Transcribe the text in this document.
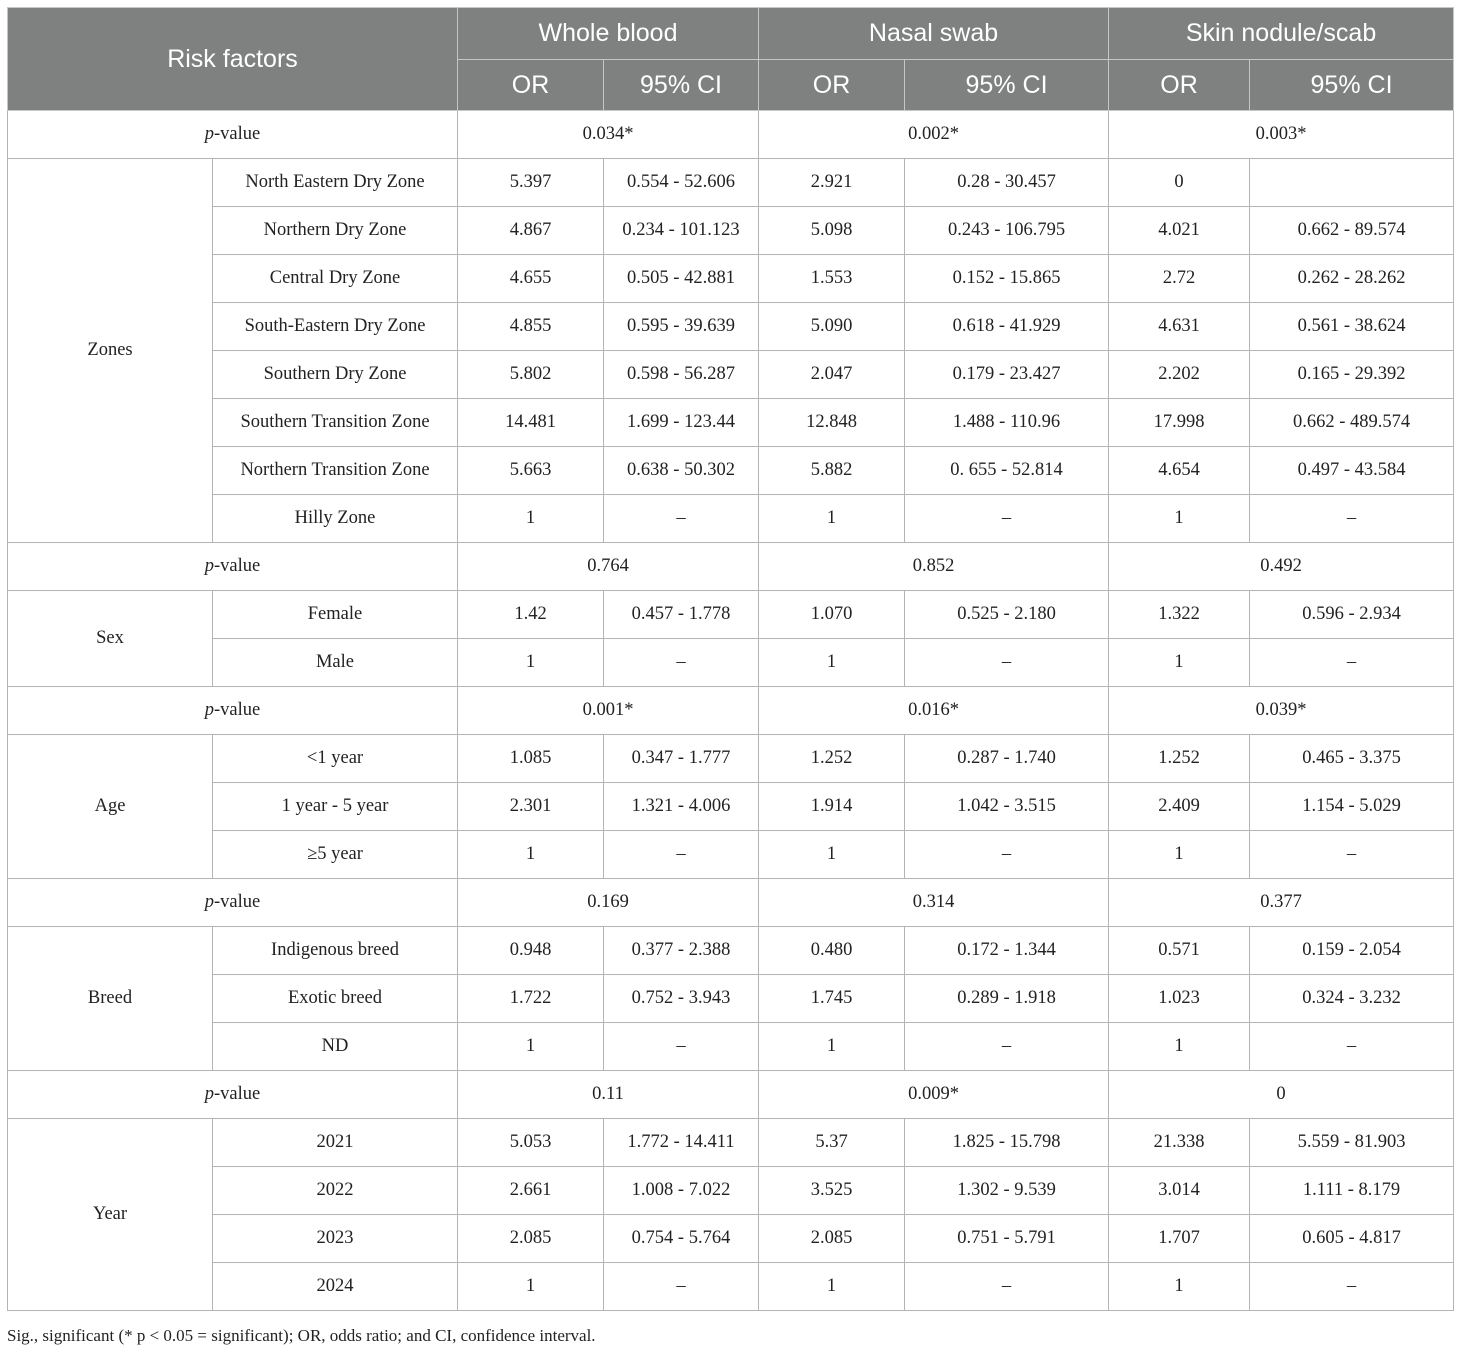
Risk factors		Whole blood		Nasal swab		Skin nodule/scab	
		OR	95% CI	OR	95% CI	OR	95% CI
p-value		0.034*		0.002*		0.003*	
Zones	North Eastern Dry Zone	5.397	0.554 - 52.606	2.921	0.28 - 30.457	0	
	Northern Dry Zone	4.867	0.234 - 101.123	5.098	0.243 - 106.795	4.021	0.662 - 89.574
	Central Dry Zone	4.655	0.505 - 42.881	1.553	0.152 - 15.865	2.72	0.262 - 28.262
	South-Eastern Dry Zone	4.855	0.595 - 39.639	5.090	0.618 - 41.929	4.631	0.561 - 38.624
	Southern Dry Zone	5.802	0.598 - 56.287	2.047	0.179 - 23.427	2.202	0.165 - 29.392
	Southern Transition Zone	14.481	1.699 - 123.44	12.848	1.488 - 110.96	17.998	0.662 - 489.574
	Northern Transition Zone	5.663	0.638 - 50.302	5.882	0. 655 - 52.814	4.654	0.497 - 43.584
	Hilly Zone	1	–	1	–	1	–
p-value		0.764		0.852		0.492	
Sex	Female	1.42	0.457 - 1.778	1.070	0.525 - 2.180	1.322	0.596 - 2.934
	Male	1	–	1	–	1	–
p-value		0.001*		0.016*		0.039*	
Age	<1 year	1.085	0.347 - 1.777	1.252	0.287 - 1.740	1.252	0.465 - 3.375
	1 year - 5 year	2.301	1.321 - 4.006	1.914	1.042 - 3.515	2.409	1.154 - 5.029
	≥5 year	1	–	1	–	1	–
p-value		0.169		0.314		0.377	
Breed	Indigenous breed	0.948	0.377 - 2.388	0.480	0.172 - 1.344	0.571	0.159 - 2.054
	Exotic breed	1.722	0.752 - 3.943	1.745	0.289 - 1.918	1.023	0.324 - 3.232
	ND	1	–	1	–	1	–
p-value		0.11		0.009*		0	
Year	2021	5.053	1.772 - 14.411	5.37	1.825 - 15.798	21.338	5.559 - 81.903
	2022	2.661	1.008 - 7.022	3.525	1.302 - 9.539	3.014	1.111 - 8.179
	2023	2.085	0.754 - 5.764	2.085	0.751 - 5.791	1.707	0.605 - 4.817
	2024	1	–	1	–	1	–
Sig., significant (* p < 0.05 = significant); OR, odds ratio; and CI, confidence interval.
